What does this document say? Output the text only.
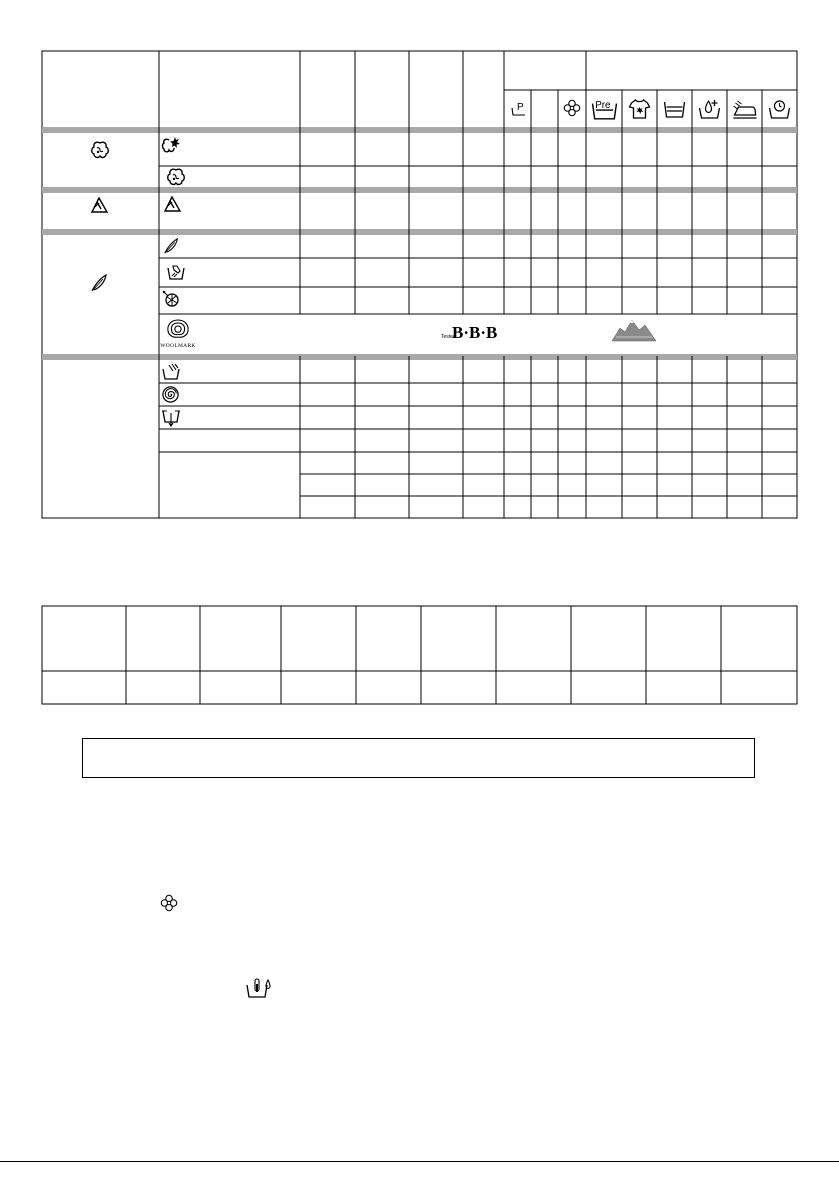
WOOLMARK
Tested
B·B·B
